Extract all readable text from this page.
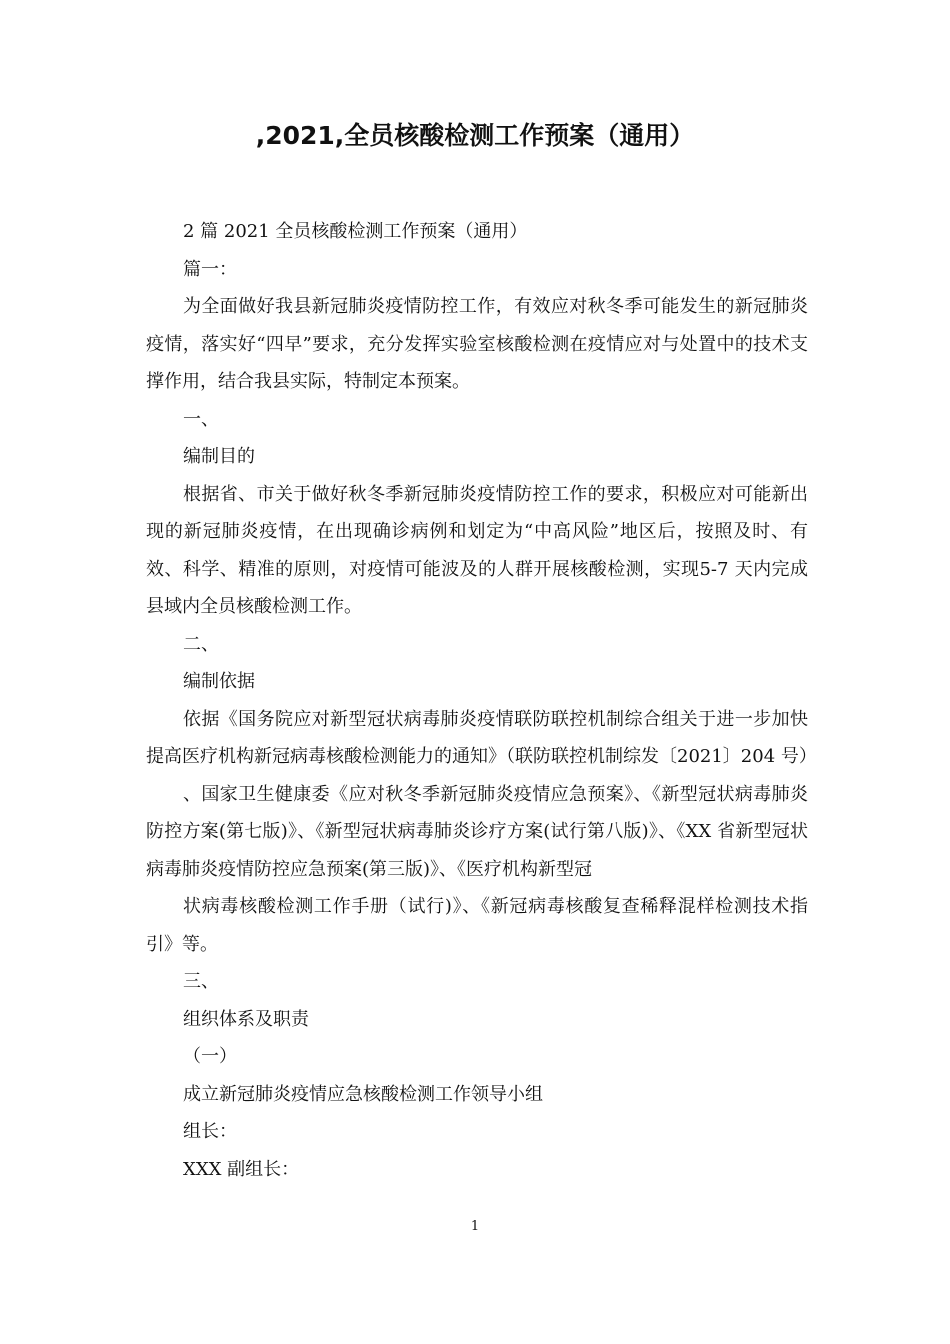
,2021,全员核酸检测工作预案（通用）

2 篇 2021 全员核酸检测工作预案（通用）

篇一：

为全面做好我县新冠肺炎疫情防控工作，有效应对秋冬季可能发生的新冠肺炎疫情，落实好“四早”要求，充分发挥实验室核酸检测在疫情应对与处置中的技术支撑作用，结合我县实际，特制定本预案。

一、

编制目的

根据省、市关于做好秋冬季新冠肺炎疫情防控工作的要求，积极应对可能新出现的新冠肺炎疫情，在出现确诊病例和划定为“中高风险”地区后，按照及时、有效、科学、精准的原则，对疫情可能波及的人群开展核酸检测，实现5-7 天内完成县域内全员核酸检测工作。

二、

编制依据

依据《国务院应对新型冠状病毒肺炎疫情联防联控机制综合组关于进一步加快提高医疗机构新冠病毒核酸检测能力的通知》（联防联控机制综发〔2021〕204 号）

、国家卫生健康委《应对秋冬季新冠肺炎疫情应急预案》、《新型冠状病毒肺炎防控方案(第七版)》、《新型冠状病毒肺炎诊疗方案(试行第八版)》、《XX 省新型冠状病毒肺炎疫情防控应急预案(第三版)》、《医疗机构新型冠

状病毒核酸检测工作手册（试行)》、《新冠病毒核酸复查稀释混样检测技术指引》等。

三、

组织体系及职责

（一）

成立新冠肺炎疫情应急核酸检测工作领导小组

组长：

XXX 副组长：

1
